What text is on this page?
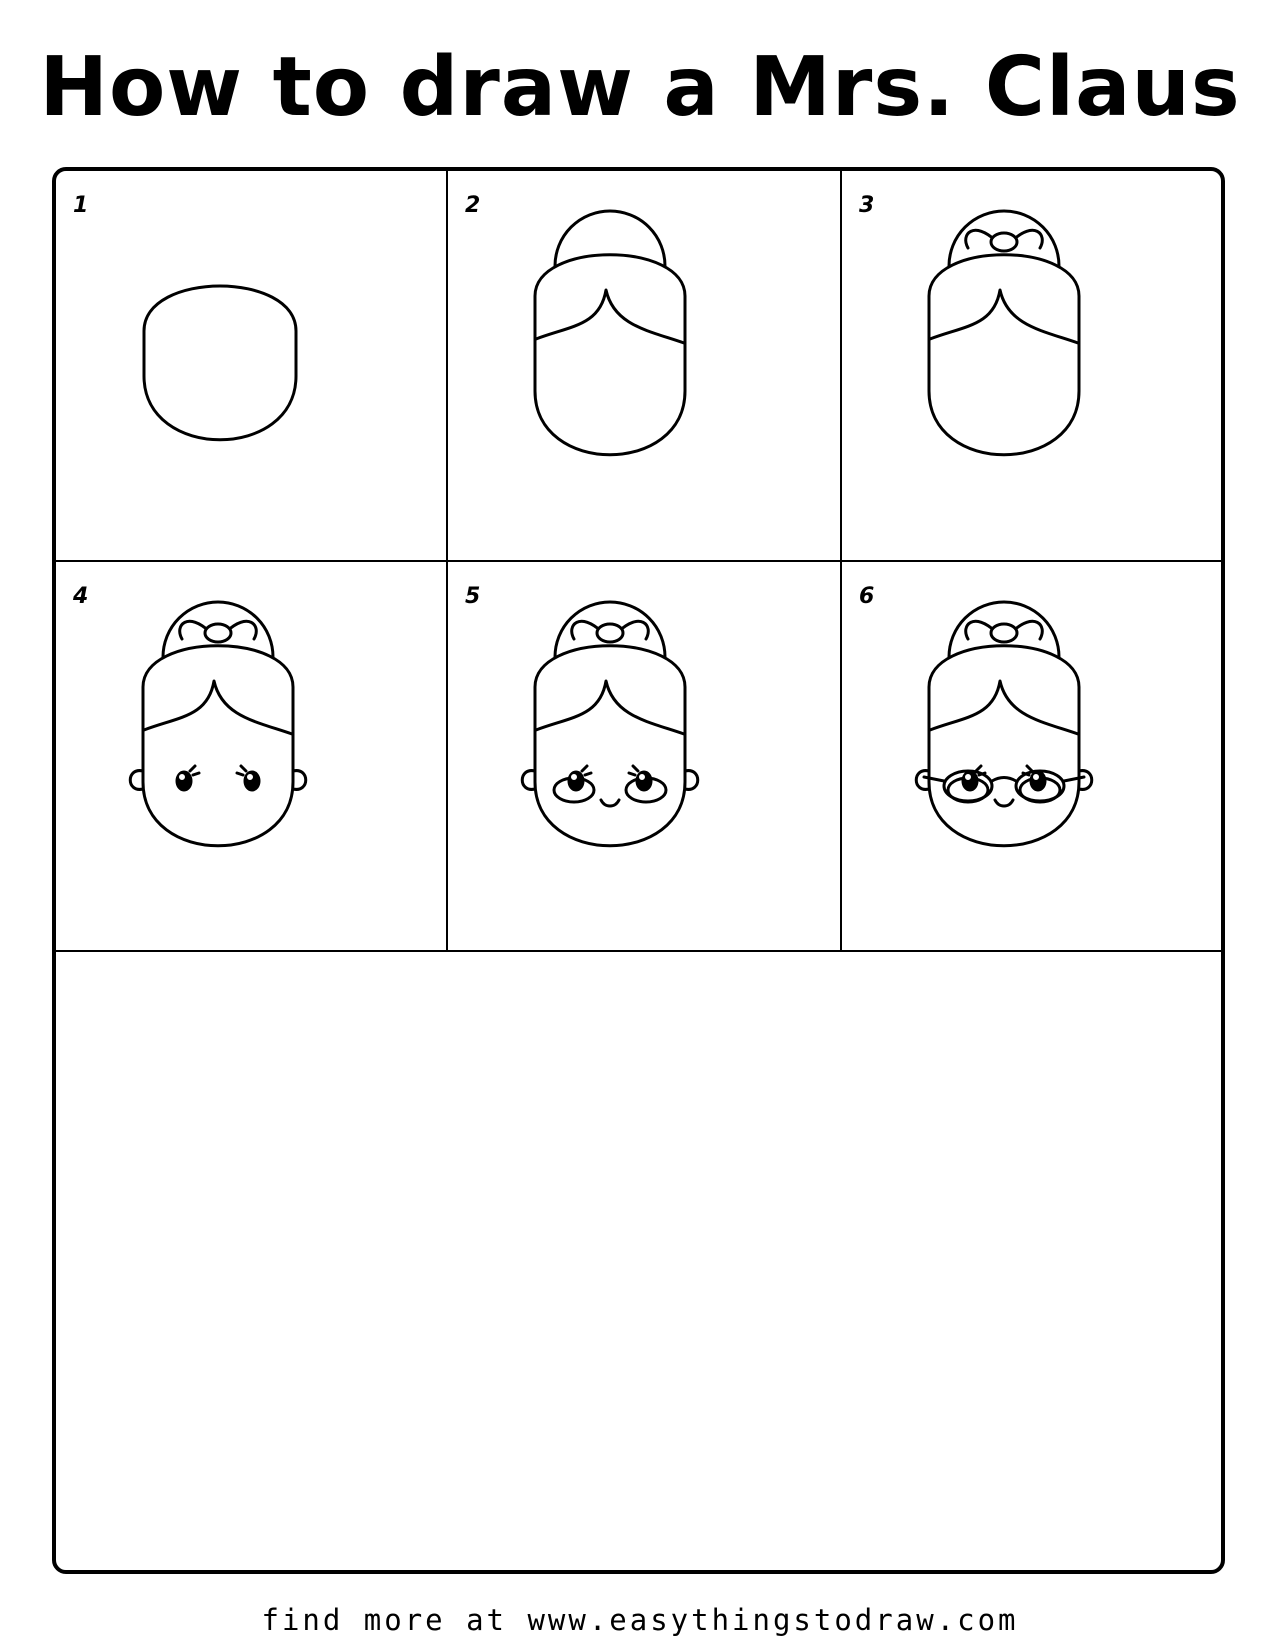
How to draw a Mrs. Claus
1	2	3
4	5	6
find more at www.easythingstodraw.com
